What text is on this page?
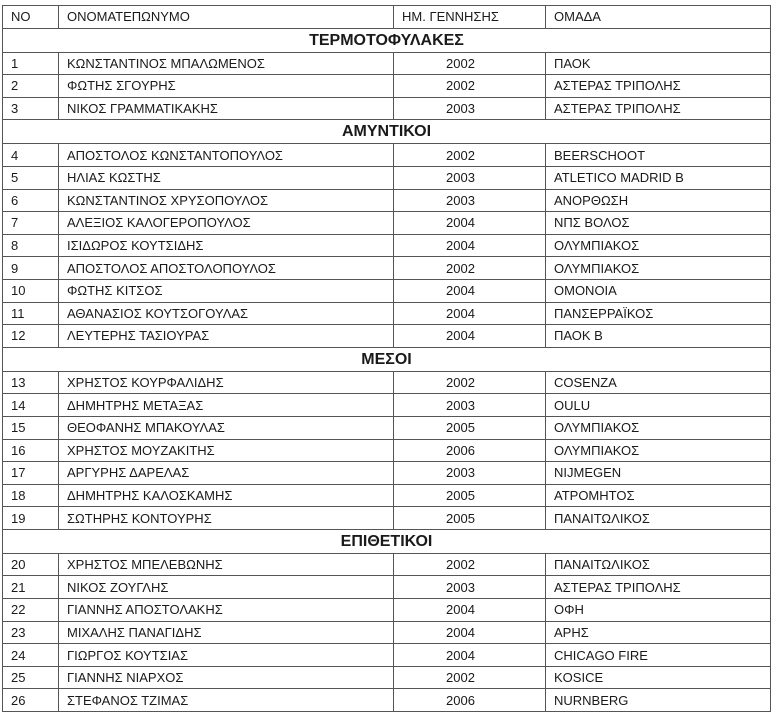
NO	ΟΝΟΜΑΤΕΠΩΝΥΜΟ	ΗΜ. ΓΕΝΝΗΣΗΣ	ΟΜΑΔΑ
ΤΕΡΜΟΤΟΦΥΛΑΚΕΣ			
1	ΚΩΝΣΤΑΝΤΙΝΟΣ ΜΠΑΛΩΜΕΝΟΣ	2002	ΠΑΟΚ
2	ΦΩΤΗΣ ΣΓΟΥΡΗΣ	2002	ΑΣΤΕΡΑΣ ΤΡΙΠΟΛΗΣ
3	ΝΙΚΟΣ ΓΡΑΜΜΑΤΙΚΑΚΗΣ	2003	ΑΣΤΕΡΑΣ ΤΡΙΠΟΛΗΣ
ΑΜΥΝΤΙΚΟΙ			
4	ΑΠΟΣΤΟΛΟΣ ΚΩΝΣΤΑΝΤΟΠΟΥΛΟΣ	2002	BEERSCHOOT
5	ΗΛΙΑΣ ΚΩΣΤΗΣ	2003	ATLETICO MADRID B
6	ΚΩΝΣΤΑΝΤΙΝΟΣ ΧΡΥΣΟΠΟΥΛΟΣ	2003	ΑΝΟΡΘΩΣΗ
7	ΑΛΕΞΙΟΣ ΚΑΛΟΓΕΡΟΠΟΥΛΟΣ	2004	ΝΠΣ ΒΟΛΟΣ
8	ΙΣΙΔΩΡΟΣ ΚΟΥΤΣΙΔΗΣ	2004	ΟΛΥΜΠΙΑΚΟΣ
9	ΑΠΟΣΤΟΛΟΣ ΑΠΟΣΤΟΛΟΠΟΥΛΟΣ	2002	ΟΛΥΜΠΙΑΚΟΣ
10	ΦΩΤΗΣ ΚΙΤΣΟΣ	2004	ΟΜΟΝΟΙΑ
11	ΑΘΑΝΑΣΙΟΣ ΚΟΥΤΣΟΓΟΥΛΑΣ	2004	ΠΑΝΣΕΡΡΑΪΚΟΣ
12	ΛΕΥΤΕΡΗΣ ΤΑΣΙΟΥΡΑΣ	2004	ΠΑΟΚ Β
ΜΕΣΟΙ			
13	ΧΡΗΣΤΟΣ ΚΟΥΡΦΑΛΙΔΗΣ	2002	COSENZA
14	ΔΗΜΗΤΡΗΣ ΜΕΤΑΞΑΣ	2003	OULU
15	ΘΕΟΦΑΝΗΣ ΜΠΑΚΟΥΛΑΣ	2005	ΟΛΥΜΠΙΑΚΟΣ
16	ΧΡΗΣΤΟΣ ΜΟΥΖΑΚΙΤΗΣ	2006	ΟΛΥΜΠΙΑΚΟΣ
17	ΑΡΓΥΡΗΣ ΔΑΡΕΛΑΣ	2003	NIJMEGEN
18	ΔΗΜΗΤΡΗΣ ΚΑΛΟΣΚΑΜΗΣ	2005	ΑΤΡΟΜΗΤΟΣ
19	ΣΩΤΗΡΗΣ ΚΟΝΤΟΥΡΗΣ	2005	ΠΑΝΑΙΤΩΛΙΚΟΣ
ΕΠΙΘΕΤΙΚΟΙ			
20	ΧΡΗΣΤΟΣ ΜΠΕΛΕΒΩΝΗΣ	2002	ΠΑΝΑΙΤΩΛΙΚΟΣ
21	ΝΙΚΟΣ ΖΟΥΓΛΗΣ	2003	ΑΣΤΕΡΑΣ ΤΡΙΠΟΛΗΣ
22	ΓΙΑΝΝΗΣ ΑΠΟΣΤΟΛΑΚΗΣ	2004	ΟΦΗ
23	ΜΙΧΑΛΗΣ ΠΑΝΑΓΙΔΗΣ	2004	ΑΡΗΣ
24	ΓΙΩΡΓΟΣ ΚΟΥΤΣΙΑΣ	2004	CHICAGO FIRE
25	ΓΙΑΝΝΗΣ ΝΙΑΡΧΟΣ	2002	KOSICE
26	ΣΤΕΦΑΝΟΣ ΤΖΙΜΑΣ	2006	NURNBERG
